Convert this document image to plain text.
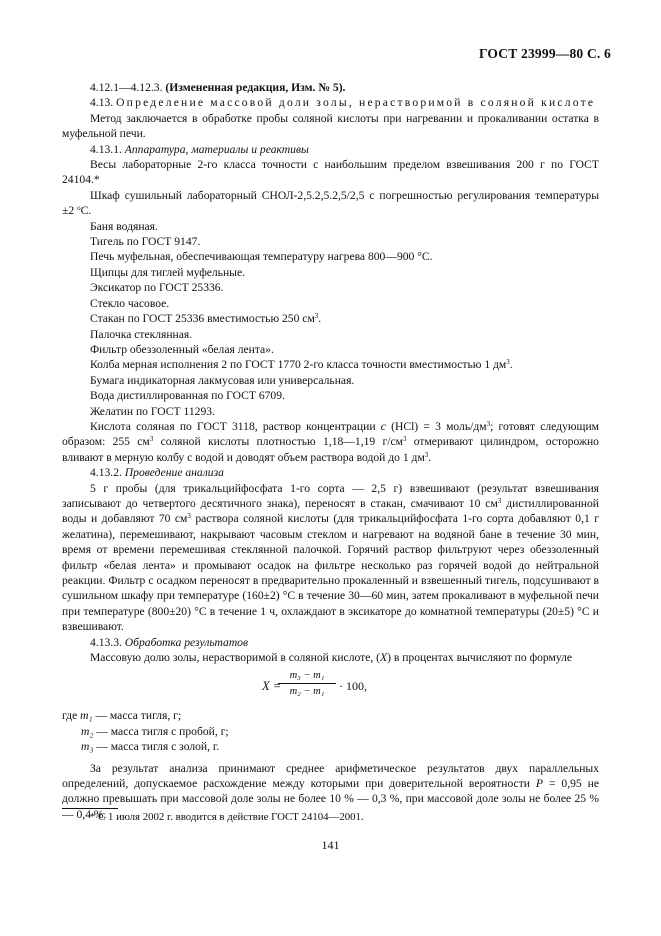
ГОСТ 23999—80 С. 6

4.12.1—4.12.3. (Измененная редакция, Изм. № 5).

4.13. Определение массовой доли золы, нерастворимой в соляной кислоте

Метод заключается в обработке пробы соляной кислоты при нагревании и прокаливании остатка в муфельной печи.

4.13.1. Аппаратура, материалы и реактивы

Весы лабораторные 2-го класса точности с наибольшим пределом взвешивания 200 г по ГОСТ 24104.*

Шкаф сушильный лабораторный СНОЛ-2,5.2,5.2,5/2,5 с погрешностью регулирования температуры ±2 $^o$С.

Баня водяная.

Тигель по ГОСТ 9147.

Печь муфельная, обеспечивающая температуру нагрева 800—900 °С.

Щипцы для тиглей муфельные.

Эксикатор по ГОСТ 25336.

Стекло часовое.

Стакан по ГОСТ 25336 вместимостью 250 $см^3$.

Палочка стеклянная.

Фильтр обеззоленный «белая лента».

Колба мерная исполнения 2 по ГОСТ 1770 2-го класса точности вместимостью 1 $дм^3$.

Бумага индикаторная лакмусовая или универсальная.

Вода дистиллированная по ГОСТ 6709.

Желатин по ГОСТ 11293.

Кислота соляная по ГОСТ 3118, раствор концентрации с (HCl) = 3 моль/$дм^3$; готовят следующим образом: 255 $см^3$ соляной кислоты плотностью 1,18—1,19 $г/см^3$ отмеривают цилиндром, осторожно вливают в мерную колбу с водой и доводят объем раствора водой до 1 $дм^3$.

4.13.2. Проведение анализа

5 г пробы (для трикальцийфосфата 1-го сорта — 2,5 г) взвешивают (результат взвешивания записывают до четвертого десятичного знака), переносят в стакан, смачивают 10 $см^3$ дистиллированной воды и добавляют 70 $см^3$ раствора соляной кислоты (для трикальцийфосфата 1-го сорта добавляют 0,1 г желатина), перемешивают, накрывают часовым стеклом и нагревают на водяной бане в течение 30 мин, время от времени перемешивая стеклянной палочкой. Горячий раствор фильтруют через обеззоленный фильтр «белая лента» и промывают осадок на фильтре несколько раз горячей водой до нейтральной реакции. Фильтр с осадком переносят в предварительно прокаленный и взвешенный тигель, подсушивают в сушильном шкафу при температуре (160±2) °С в течение 30—60 мин, затем прокаливают в муфельной печи при температуре (800±20) °С в течение 1 ч, охлаждают в эксикаторе до комнатной температуры (20±5) °С и взвешивают.

4.13.3. Обработка результатов

Массовую долю золы, нерастворимой в соляной кислоте, (X) в процентах вычисляют по формуле

X =
$\frac{\text{m₃ − m₁}}{\text{m₂ − m₁}} \cdot 100$,

где m₁ — масса тигля, г;

m₂ — масса тигля с пробой, г;

m₃ — масса тигля с золой, г.

За результат анализа принимают среднее арифметическое результатов двух параллельных определений, допускаемое расхождение между которыми при доверительной вероятности P = 0,95 не должно превышать при массовой доле золы не более 10 % — 0,3 %, при массовой доле золы не более 25 % — 0,4 %.

* С 1 июля 2002 г. вводится в действие ГОСТ 24104—2001.
141
